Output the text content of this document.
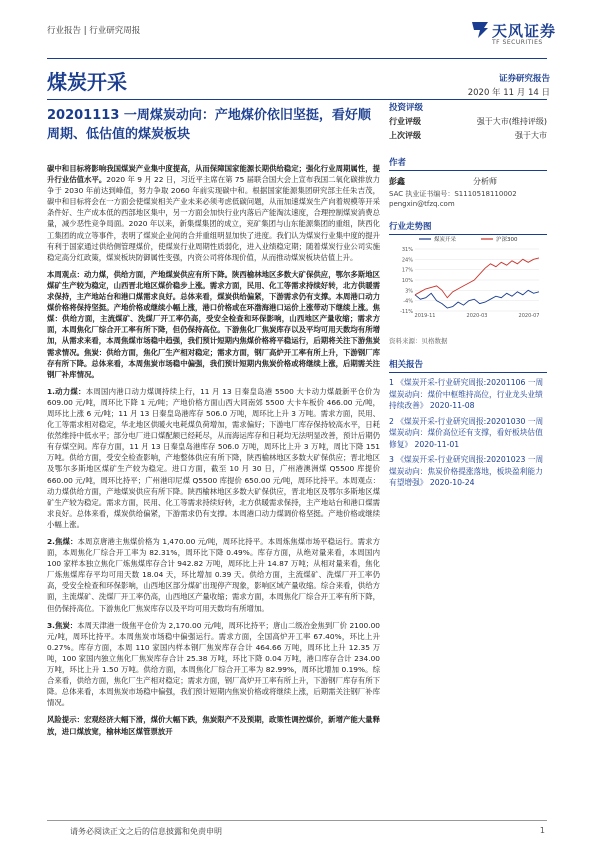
行业报告 | 行业研究周报	天风证券
TF SECURITIES
煤炭开采	证券研究报告
2020 年 11 月 14 日
20201113 一周煤炭动向：产地煤价依旧坚挺，看好顺周期、低估值的煤炭板块
投资评级
行业评级	强于大市(维持评级)
上次评级	强于大市
作者
彭鑫	分析师
SAC 执业证书编号：S1110518110002
pengxin@tfzq.com
行业走势图
31%
24%
17%
10%
3%
-4%
-11%
2019-11	2020-03	2020-07
煤炭开采	沪深300
资料来源：贝格数据
相关报告
1 《煤炭开采-行业研究周报:20201106 一周煤炭动向：煤价中枢维持高位，行业龙头业绩持续改善》 2020-11-08
2 《煤炭开采-行业研究周报:20201030 一周煤炭动向：煤价高位还有支撑，看好板块估值修复》 2020-11-01
3 《煤炭开采-行业研究周报:20201023 一周煤炭动向：焦炭价格提涨落地，板块盈利能力有望增强》 2020-10-24

碳中和目标将影响我国煤炭产业集中度提高，从而保障国家能源长期供给稳定；强化行业周期属性，提升行业估值水平。2020 年 9 月 22 日，习近平主席在第 75 届联合国大会上宣布我国二氧化碳排放力争于 2030 年前达到峰值，努力争取 2060 年前实现碳中和。根据国家能源集团研究部主任朱吉茂，碳中和目标将会在一方面会使煤炭相关产业未来必须考虑低碳问题，从而加速煤炭生产向着规模等开采条件好、生产成本低的西部地区集中，另一方面会加快行业内落后产能淘汰速度，合理控制煤炭消费总量，减少恶性竞争局面。2020 年以来，新集煤集团的成立，兖矿集团与山东能源集团的重组，陕西化工集团的成立等事件，表明了煤炭企业间的合并重组明显加快了进度。我们认为煤炭行业集中度的提升有利于国家通过供给侧管理煤价，使煤炭行业周期性质弱化，进入业绩稳定期；随着煤炭行业公司实施稳定高分红政策，煤炭板块防御属性变强，内资公司将体现价值，从而推动煤炭板块估值上升。

本周观点：动力煤，供给方面，产地煤炭供应有所下降。陕西榆林地区多数大矿保供应，鄂尔多斯地区煤矿生产较为稳定，山西晋北地区煤价稳步上涨。需求方面，民用、化工等需求持续好转，北方供暖需求保持，主产地站台和港口煤需求良好。总体来看，煤炭供给偏紧，下游需求仍有支撑。本周港口动力煤价格将保持坚挺。产地价格或继续小幅上涨，港口价格或在环渤海港口运价上涨带动下继续上涨。焦煤：供给方面，主流煤矿、洗煤厂开工率仍高，受安全检查和环保影响，山西地区产量收缩；需求方面，本周焦化厂综合开工率有所下降，但仍保持高位。下游焦化厂焦炭库存以及平均可用天数均有所增加，从需求来看，本周焦煤市场稳中趋强，我们预计短期内焦煤价格将平稳运行，后期将关注下游焦炭需求情况。焦炭：供给方面，焦化厂生产相对稳定；需求方面，钢厂高炉开工率有所上升，下游钢厂库存有所下降。总体来看，本周焦炭市场稳中偏强，我们预计短期内焦炭价格或将继续上涨，后期需关注钢厂补库情况。

1.动力煤：本周国内港口动力煤调持续上行，11 月 13 日秦皇岛港 5500 大卡动力煤最新平仓价为 609.00 元/吨，周环比下降 1 元/吨；产地价格方面山西大同南郊 5500 大卡车板价 466.00 元/吨，周环比上涨 6 元/吨；11 月 13 日秦皇岛港库存 506.0 万吨，周环比上升 3 万吨。需求方面，民用、化工等需求相对稳定，华北地区供暖火电耗煤负荷增加，需求偏好；下游电厂库存保持较高水平，日耗依然维持中低水平；部分电厂进口煤配额已经耗尽，从而海运库存和日耗均无法明显改善，预计后期仍有存煤空间。库存方面，11 月 13 日秦皇岛港库存 506.0 万吨，周环比上升 3 万吨，周比下降 151 万吨。供给方面，受安全检查影响，产地整体供应有所下降，陕西榆林地区多数大矿保供应；晋北地区及鄂尔多斯地区煤矿生产较为稳定。进口方面，截至 10 月 30 日，广州港澳洲煤 Q5500 库提价 660.00 元/吨，周环比持平；广州港印尼煤 Q5500 库提价 650.00 元/吨，周环比持平。本周观点：动力煤供给方面，产地煤炭供应有所下降。陕西榆林地区多数大矿保供应，晋北地区及鄂尔多斯地区煤矿生产较为稳定。需求方面，民用、化工等需求持续好转，北方供暖需求保持，主产地站台和港口煤需求良好。总体来看，煤炭供给偏紧，下游需求仍有支撑。本周港口动力煤调价格坚挺。产地价格或继续小幅上涨。

2.焦煤：本周京唐港主焦煤价格为 1,470.00 元/吨，周环比持平。本周炼焦煤市场平稳运行。需求方面，本周焦化厂综合开工率为 82.31%，周环比下降 0.49%。库存方面，从绝对量来看，本周国内 100 家样本独立焦化厂炼焦煤库存合计 942.82 万吨，周环比上升 14.87 万吨；从相对量来看，焦化厂炼焦煤库存平均可用天数 18.04 天，环比增加 0.39 天。供给方面，主流煤矿、洗煤厂开工率仍高，受安全检查和环保影响，山西地区部分煤矿出现停产现象，影响区域产量收缩。综合来看，供给方面，主流煤矿、洗煤厂开工率仍高，山西地区产量收缩；需求方面，本周焦化厂综合开工率有所下降，但仍保持高位。下游焦化厂焦炭库存以及平均可用天数均有所增加。

3.焦炭：本周天津港一级焦平仓价为 2,170.00 元/吨，周环比持平；唐山二级冶金焦到厂价 2100.00 元/吨，周环比持平。本周焦炭市场稳中偏强运行。需求方面，全国高炉开工率 67.40%，环比上升 0.27%。库存方面，本周 110 家国内样本钢厂焦炭库存合计 464.66 万吨，周环比上升 12.35 万吨，100 家国内独立焦化厂焦炭库存合计 25.38 万吨，环比下降 0.04 万吨，港口库存合计 234.00 万吨，环比上升 1.50 万吨。供给方面，本周焦化厂综合开工率为 82.99%，周环比增加 0.19%。综合来看，供给方面，焦化厂生产相对稳定；需求方面，钢厂高炉开工率有所上升，下游钢厂库存有所下降。总体来看，本周焦炭市场稳中偏强，我们预计短期内焦炭价格或将继续上涨，后期需关注钢厂补库情况。

风险提示：宏观经济大幅下滑，煤价大幅下跌，焦炭限产不及预期，政策性调控煤价，新增产能大量释放，进口煤放宽，榆林地区煤管票放开

请务必阅读正文之后的信息披露和免责申明	1
